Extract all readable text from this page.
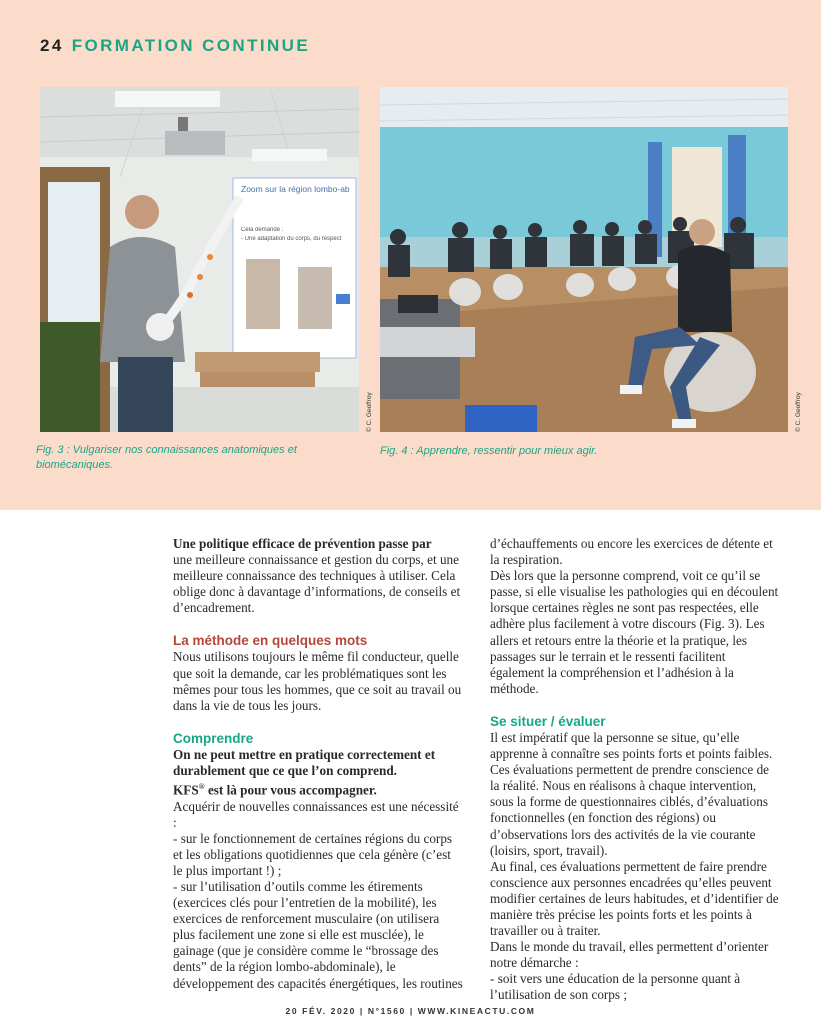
24 FORMATION CONTINUE
Zoom sur la région lombo-ab
Cela demande :
- Une adaptation du corps, du respect
© C. Geoffroy	© C. Geoffroy
Fig. 3 : Vulgariser nos connaissances anatomiques et biomécaniques.
Fig. 4 : Apprendre, ressentir pour mieux agir.

Une politique efficace de prévention passe par

une meilleure connaissance et gestion du corps, et une meilleure connaissance des techniques à utiliser. Cela oblige donc à davantage d’informations, de conseils et d’encadrement.

La méthode en quelques mots

Nous utilisons toujours le même fil conducteur, quelle que soit la demande, car les problématiques sont les mêmes pour tous les hommes, que ce soit au travail ou dans la vie de tous les jours.

Comprendre

On ne peut mettre en pratique correctement et durablement que ce que l’on comprend.

KFS® est là pour vous accompagner.

Acquérir de nouvelles connaissances est une nécessité :

- sur le fonctionnement de certaines régions du corps et les obligations quotidiennes que cela génère (c’est le plus important !) ;

- sur l’utilisation d’outils comme les étirements (exercices clés pour l’entretien de la mobilité), les exercices de renforcement musculaire (on utilisera plus facilement une zone si elle est musclée), le gainage (que je considère comme le “brossage des dents” de la région lombo-abdominale), le développement des capacités énergétiques, les routines

d’échauffements ou encore les exercices de détente et la respiration.

Dès lors que la personne comprend, voit ce qu’il se passe, si elle visualise les pathologies qui en découlent lorsque certaines règles ne sont pas respectées, elle adhère plus facilement à votre discours (Fig. 3). Les allers et retours entre la théorie et la pratique, les passages sur le terrain et le ressenti facilitent également la compréhension et l’adhésion à la méthode.

Se situer / évaluer

Il est impératif que la personne se situe, qu’elle apprenne à connaître ses points forts et points faibles. Ces évaluations permettent de prendre conscience de la réalité. Nous en réalisons à chaque intervention, sous la forme de questionnaires ciblés, d’évaluations fonctionnelles (en fonction des régions) ou d’observations lors des activités de la vie courante (loisirs, sport, travail).

Au final, ces évaluations permettent de faire prendre conscience aux personnes encadrées qu’elles peuvent modifier certaines de leurs habitudes, et d’identifier de manière très précise les points forts et les points à travailler ou à traiter.

Dans le monde du travail, elles permettent d’orienter notre démarche :

- soit vers une éducation de la personne quant à l’utilisation de son corps ;

20 FÉV. 2020 | N°1560 | WWW.KINEACTU.COM
